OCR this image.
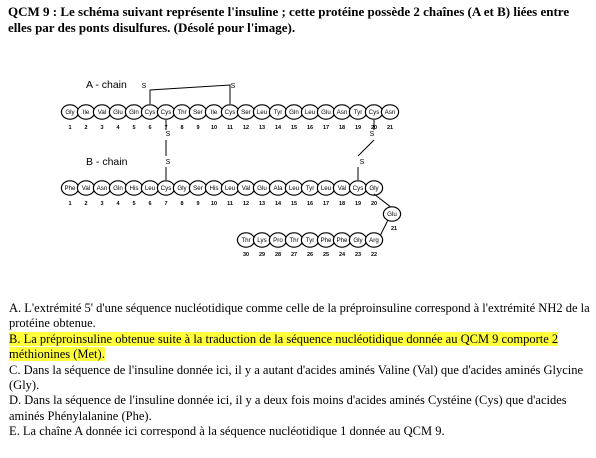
QCM 9 : Le schéma suivant représente l'insuline ; cette protéine possède 2 chaînes (A et B) liées entre elles par des ponts disulfures. (Désolé pour l'image).

A - chain
B - chain
S	S
S
S
S
S
Gly Ile Val Glu Gln Cys Cys Thr Ser Ile Cys Ser Leu Tyr Gln Leu Glu Asn Tyr Cys Asn
1 2 3 4 5 6 7 8 9 10 11 12 13 14 15 16 17 18 19 20 21
Phe Val Asn Gln His Leu Cys Gly Ser His Leu Val Glu Ala Leu Tyr Leu Val Cys Gly
1 2 3 4 5 6 7 8 9 10 11 12 13 14 15 16 17 18 19 20
Glu
21
Thr Lys Pro Thr Tyr Phe Phe Gly Arg
30 29 28 27 26 25 24 23 22

A. L'extrémité 5' d'une séquence nucléotidique comme celle de la préproinsuline correspond à l'extrémité NH2 de la protéine obtenue.

B. La préproinsuline obtenue suite à la traduction de la séquence nucléotidique donnée au QCM 9 comporte 2 méthionines (Met).

C. Dans la séquence de l'insuline donnée ici, il y a autant d'acides aminés Valine (Val) que d'acides aminés Glycine (Gly).

D. Dans la séquence de l'insuline donnée ici, il y a deux fois moins d'acides aminés Cystéine (Cys) que d'acides aminés Phénylalanine (Phe).

E. La chaîne A donnée ici correspond à la séquence nucléotidique 1 donnée au QCM 9.
